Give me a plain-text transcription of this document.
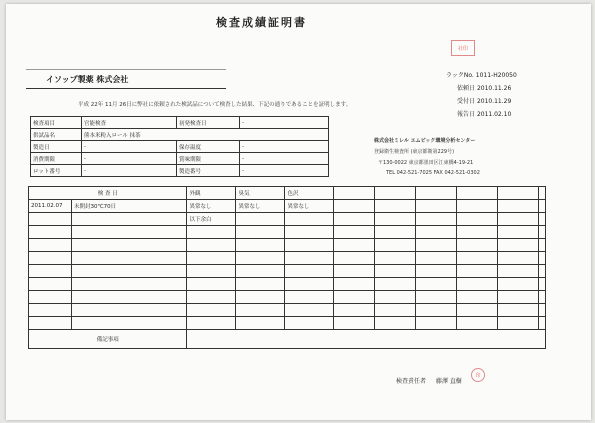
検査成績証明書
社印
イソップ製薬 株式会社	ラックNo. 1011-H20050
依頼日 2010.11.26
受付日 2010.11.29
報告日 2011.02.10
平成 22年 11月 26日に弊社に依頼された検試品について検査した結果、下記の通りであることを証明します。
検査項目	官能検査	初発検査日	-
供試品名	熊本米粉入ロール 抹茶		
製造日	-	保存温度	-
消費期限	-	賞味期限	-
ロット番号	-	製造番号	-
株式会社ミレル エムピック環境分析センター
登録衛生検査所 (東京都衛第229号)
〒130-0022 東京都墨田区江東橋4-19-21
TEL 042-521-7025 FAX 042-521-0302
検 査 日		外観	臭気	色沢						
2011.02.07	未開封30℃70日	異常なし	異常なし	異常なし						
		以下余白								

備記事項										
検査責任者 藤澤 直樹
印
